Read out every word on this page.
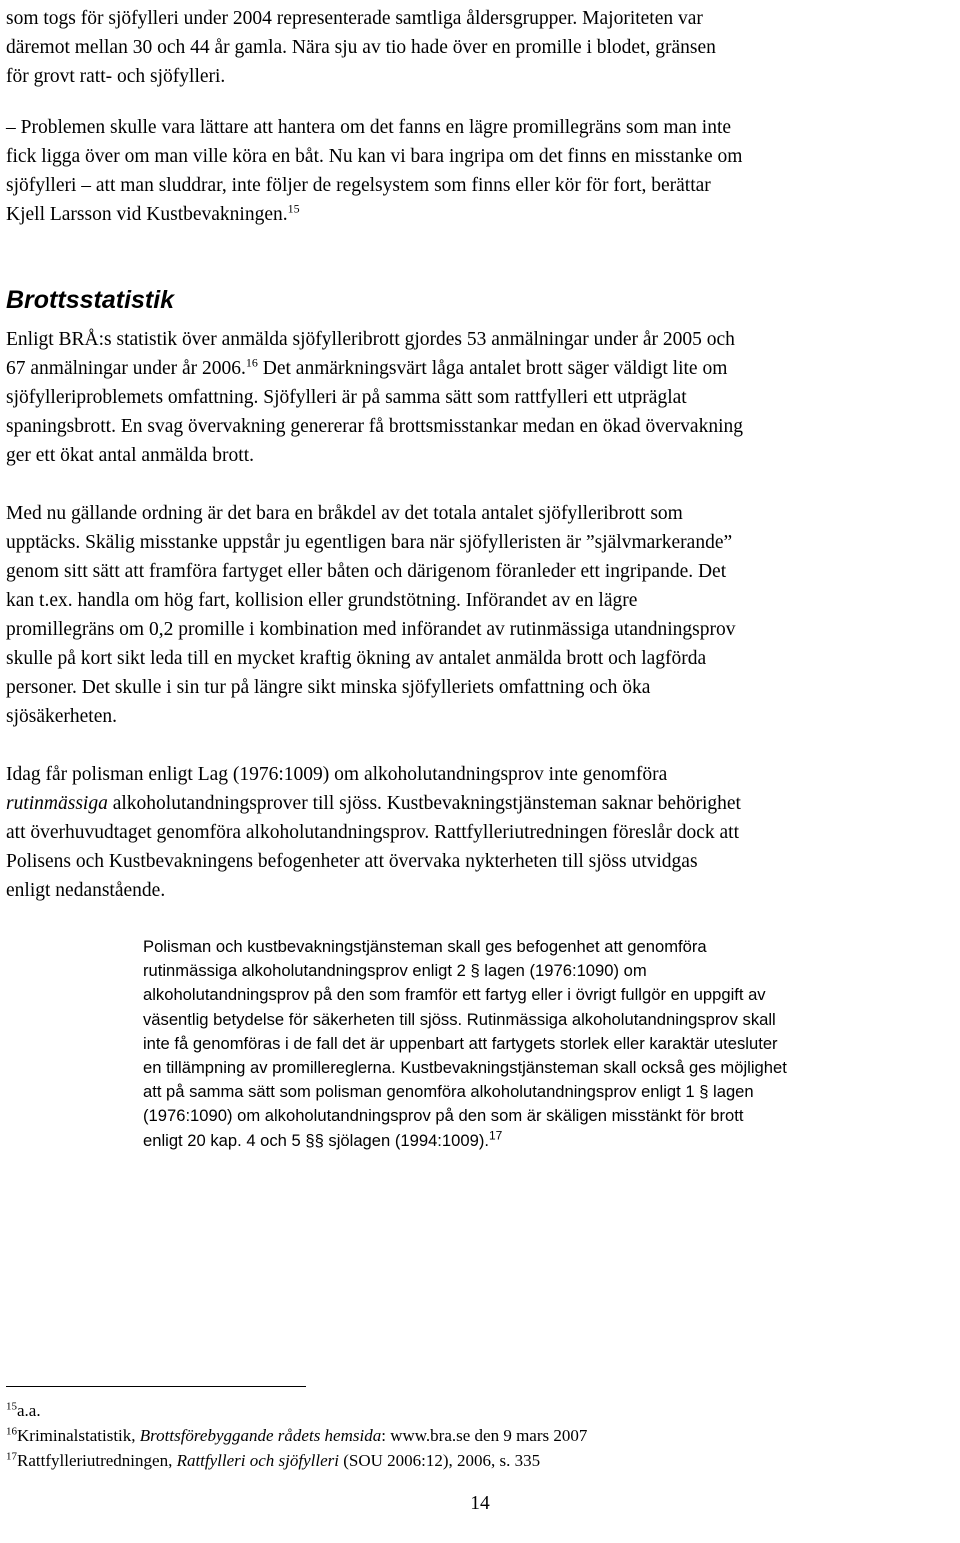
som togs för sjöfylleri under 2004 representerade samtliga åldersgrupper. Majoriteten var
däremot mellan 30 och 44 år gamla. Nära sju av tio hade över en promille i blodet, gränsen
för grovt ratt- och sjöfylleri.
– Problemen skulle vara lättare att hantera om det fanns en lägre promillegräns som man inte
fick ligga över om man ville köra en båt. Nu kan vi bara ingripa om det finns en misstanke om
sjöfylleri – att man sluddrar, inte följer de regelsystem som finns eller kör för fort, berättar
Kjell Larsson vid Kustbevakningen.$^{15}$
Brottsstatistik
Enligt BRÅ:s statistik över anmälda sjöfylleribrott gjordes 53 anmälningar under år 2005 och
67 anmälningar under år 2006.16 Det anmärkningsvärt låga antalet brott säger väldigt lite om
sjöfylleriproblemets omfattning. Sjöfylleri är på samma sätt som rattfylleri ett utpräglat
spaningsbrott. En svag övervakning genererar få brottsmisstankar medan en ökad övervakning
ger ett ökat antal anmälda brott.
Med nu gällande ordning är det bara en bråkdel av det totala antalet sjöfylleribrott som
upptäcks. Skälig misstanke uppstår ju egentligen bara när sjöfylleristen är ”självmarkerande”
genom sitt sätt att framföra fartyget eller båten och därigenom föranleder ett ingripande. Det
kan t.ex. handla om hög fart, kollision eller grundstötning. Införandet av en lägre
promillegräns om 0,2 promille i kombination med införandet av rutinmässiga utandningsprov
skulle på kort sikt leda till en mycket kraftig ökning av antalet anmälda brott och lagförda
personer. Det skulle i sin tur på längre sikt minska sjöfylleriets omfattning och öka
sjösäkerheten.
Idag får polisman enligt Lag (1976:1009) om alkoholutandningsprov inte genomföra
rutinmässiga alkoholutandningsprover till sjöss. Kustbevakningstjänsteman saknar behörighet
att överhuvudtaget genomföra alkoholutandningsprov. Rattfylleriutredningen föreslår dock att
Polisens och Kustbevakningens befogenheter att övervaka nykterheten till sjöss utvidgas
enligt nedanstående.
Polisman och kustbevakningstjänsteman skall ges befogenhet att genomföra
rutinmässiga alkoholutandningsprov enligt 2 § lagen (1976:1090) om
alkoholutandningsprov på den som framför ett fartyg eller i övrigt fullgör en uppgift av
väsentlig betydelse för säkerheten till sjöss. Rutinmässiga alkoholutandningsprov skall
inte få genomföras i de fall det är uppenbart att fartygets storlek eller karaktär utesluter
en tillämpning av promillereglerna. Kustbevakningstjänsteman skall också ges möjlighet
att på samma sätt som polisman genomföra alkoholutandningsprov enligt 1 § lagen
(1976:1090) om alkoholutandningsprov på den som är skäligen misstänkt för brott
enligt 20 kap. 4 och 5 §§ sjölagen (1994:1009).$^{17}$
$^{15}$a.a.
$^{16}$Kriminalstatistik, Brottsförebyggande rådets hemsida: www.bra.se den 9 mars 2007
$^{17}$Rattfylleriutredningen, Rattfylleri och sjöfylleri (SOU 2006:12), 2006, s. 335
14
